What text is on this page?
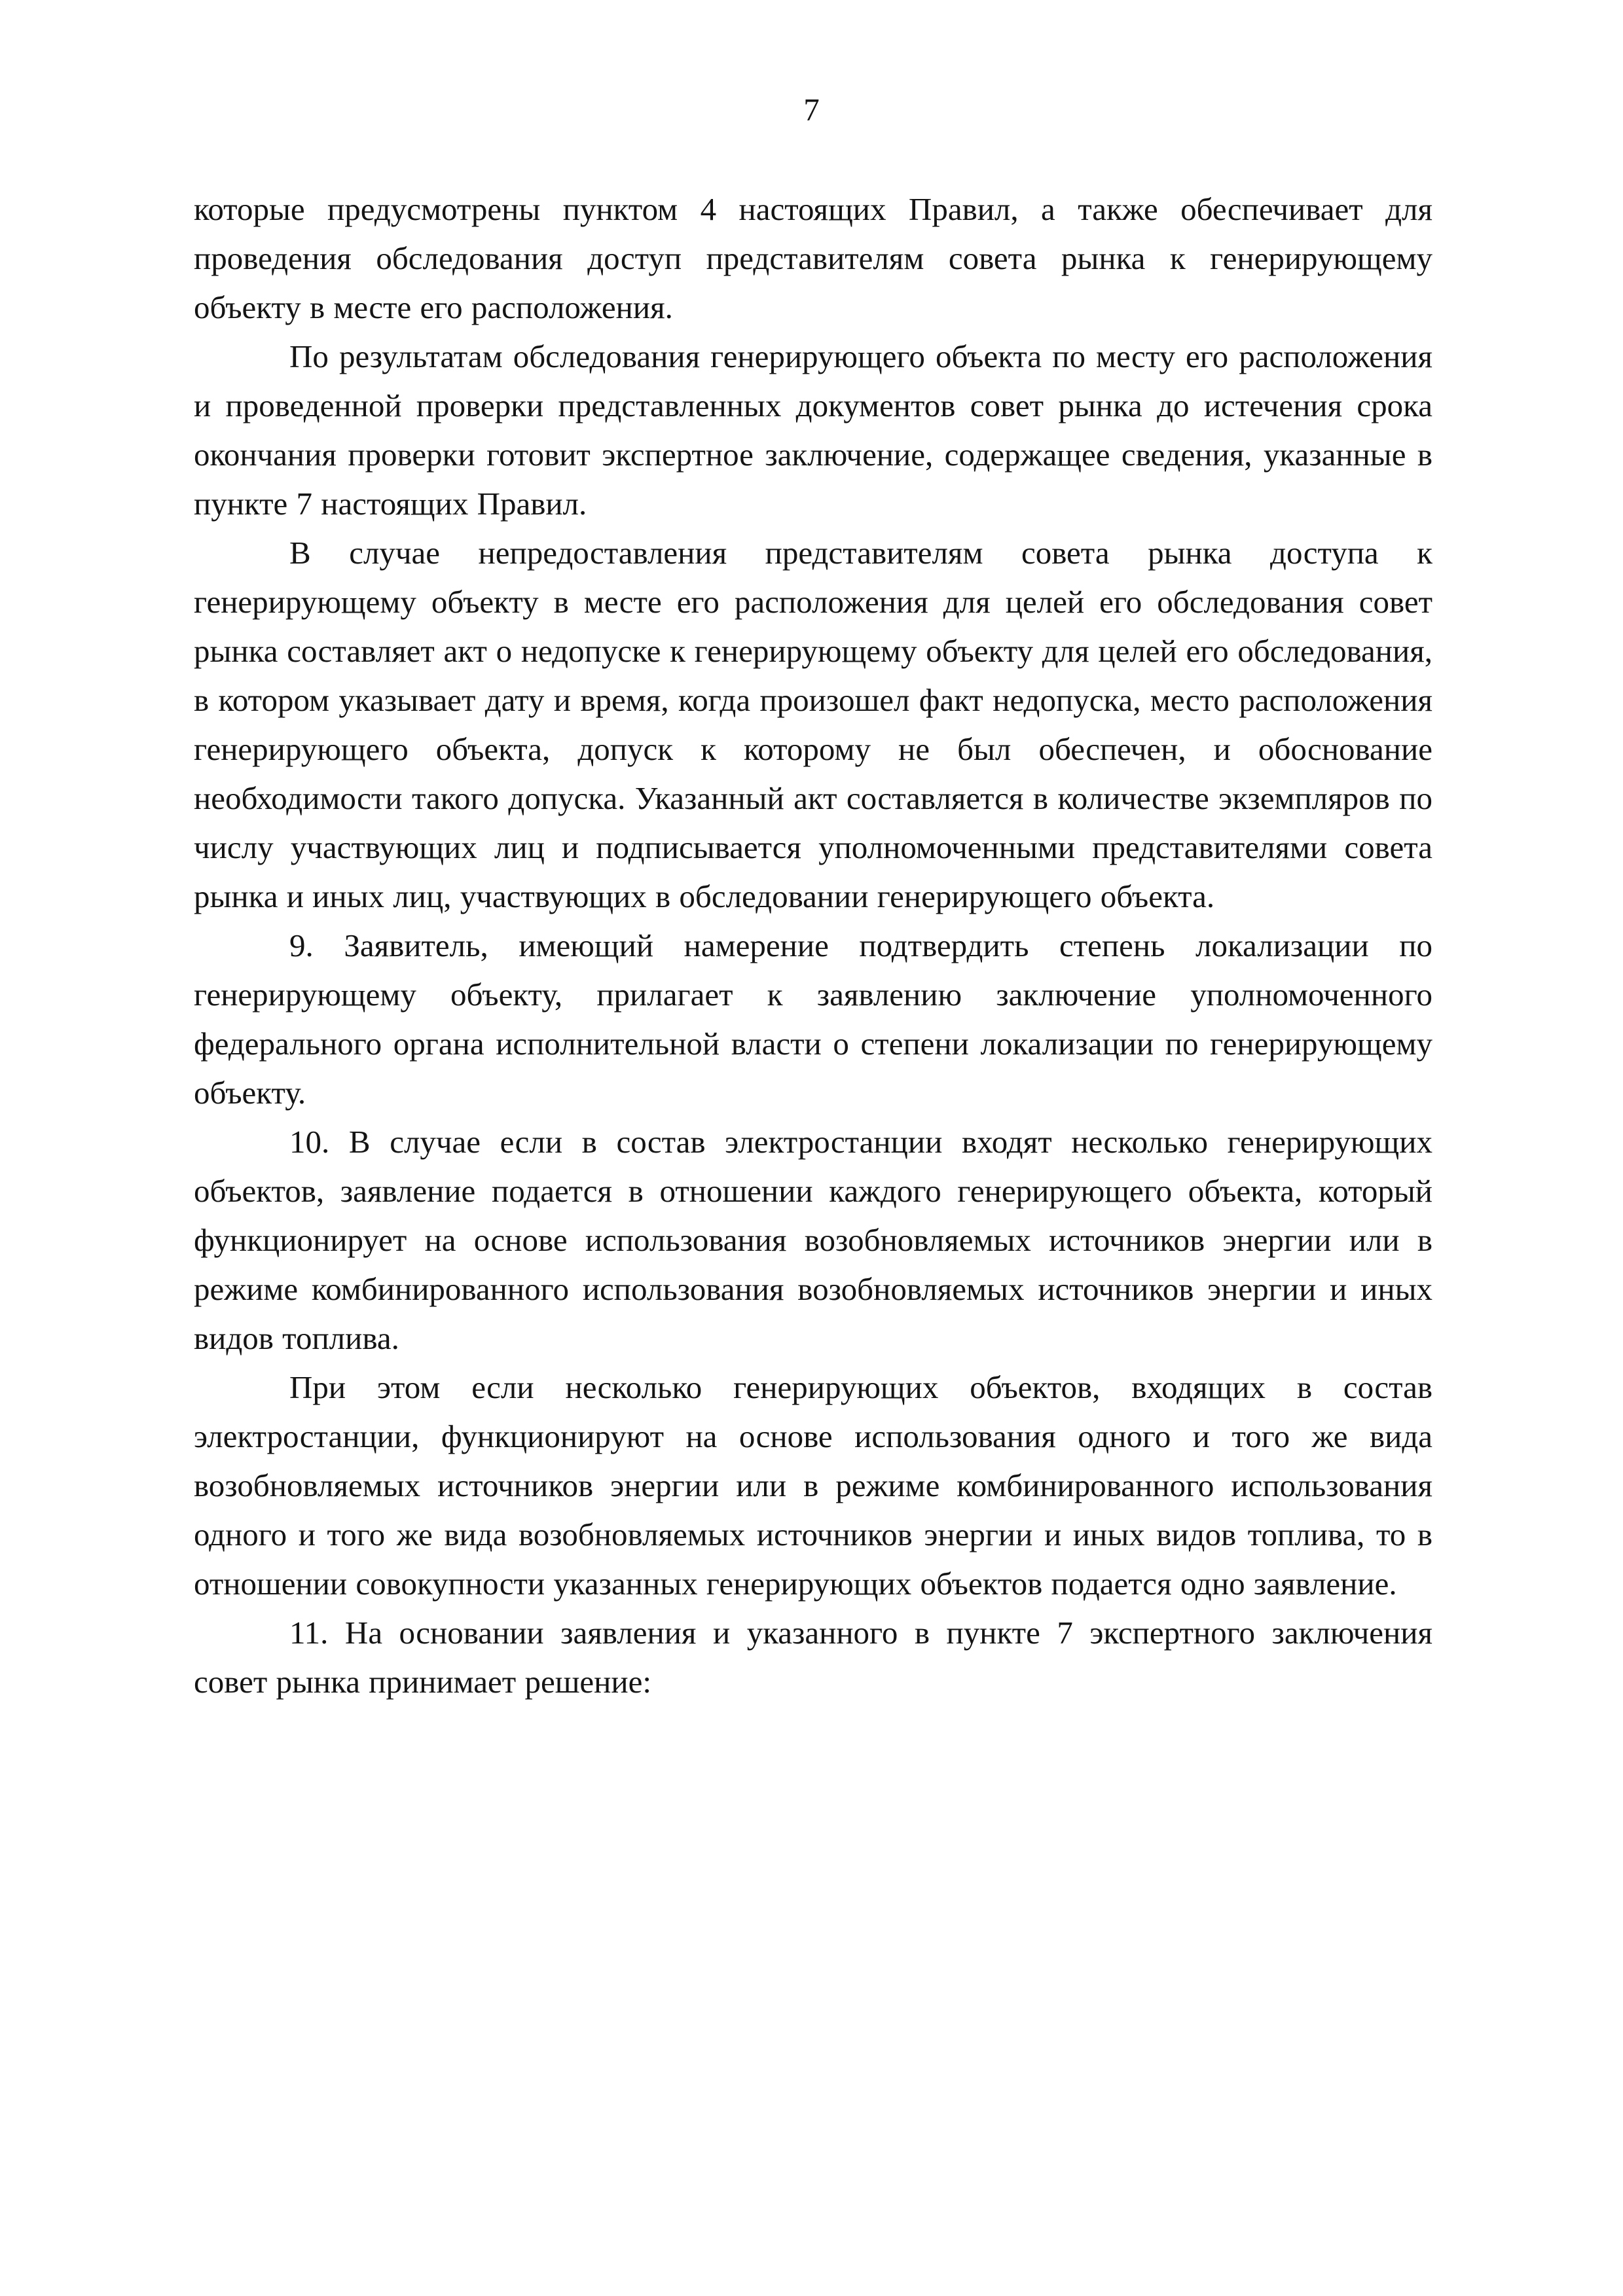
7

которые предусмотрены пунктом 4 настоящих Правил, а также обеспечивает для проведения обследования доступ представителям совета рынка к генерирующему объекту в месте его расположения.

По результатам обследования генерирующего объекта по месту его расположения и проведенной проверки представленных документов совет рынка до истечения срока окончания проверки готовит экспертное заключение, содержащее сведения, указанные в пункте 7 настоящих Правил.

В случае непредоставления представителям совета рынка доступа к генерирующему объекту в месте его расположения для целей его обследования совет рынка составляет акт о недопуске к генерирующему объекту для целей его обследования, в котором указывает дату и время, когда произошел факт недопуска, место расположения генерирующего объекта, допуск к которому не был обеспечен, и обоснование необходимости такого допуска. Указанный акт составляется в количестве экземпляров по числу участвующих лиц и подписывается уполномоченными представителями совета рынка и иных лиц, участвующих в обследовании генерирующего объекта.

9. Заявитель, имеющий намерение подтвердить степень локализации по генерирующему объекту, прилагает к заявлению заключение уполномоченного федерального органа исполнительной власти о степени локализации по генерирующему объекту.

10. В случае если в состав электростанции входят несколько генерирующих объектов, заявление подается в отношении каждого генерирующего объекта, который функционирует на основе использования возобновляемых источников энергии или в режиме комбинированного использования возобновляемых источников энергии и иных видов топлива.

При этом если несколько генерирующих объектов, входящих в состав электростанции, функционируют на основе использования одного и того же вида возобновляемых источников энергии или в режиме комбинированного использования одного и того же вида возобновляемых источников энергии и иных видов топлива, то в отношении совокупности указанных генерирующих объектов подается одно заявление.

11. На основании заявления и указанного в пункте 7 экспертного заключения совет рынка принимает решение:
